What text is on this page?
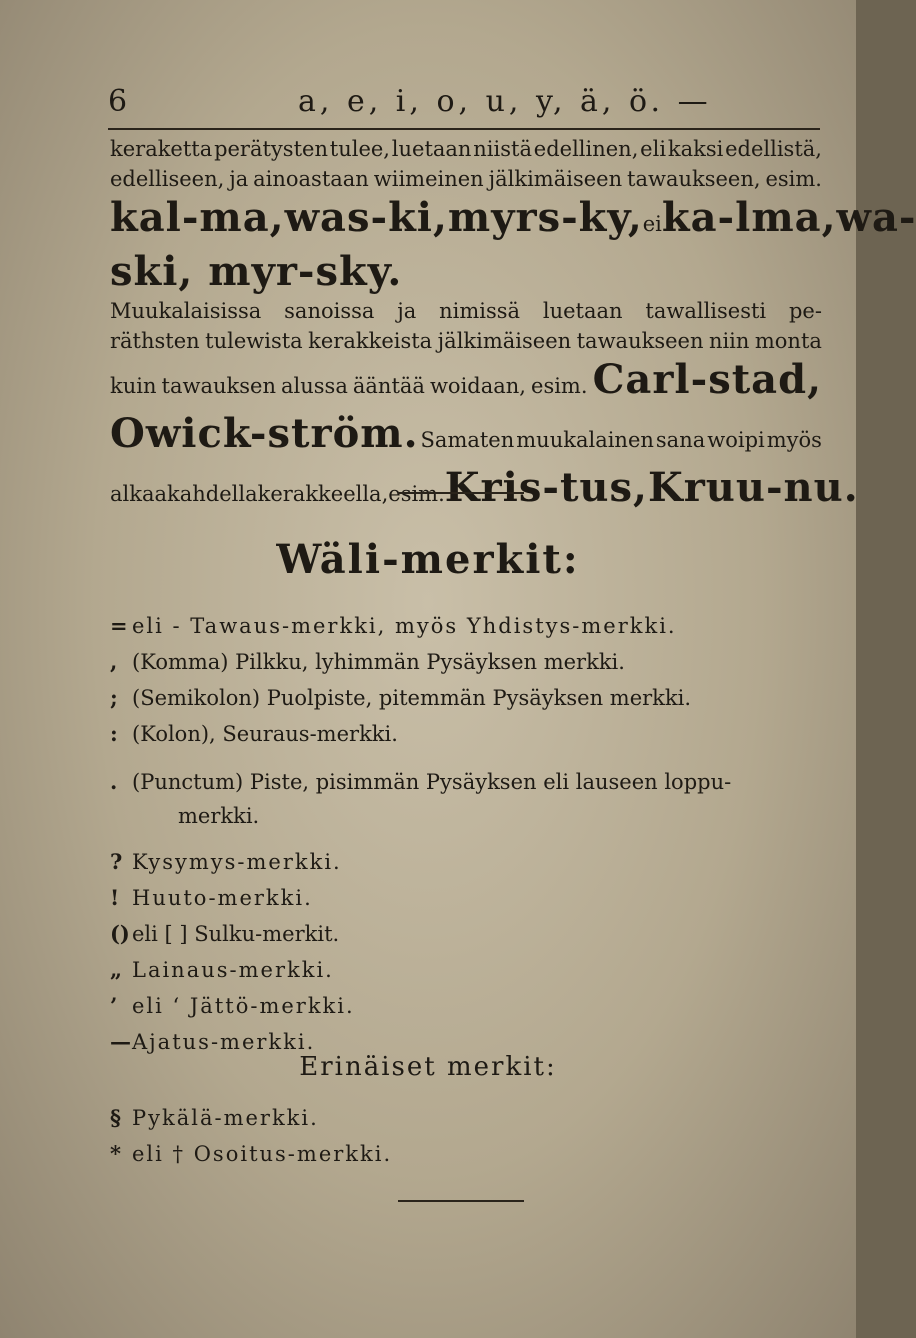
6	a, e, i, o, u, y, ä, ö. —
keraketta perätysten tulee, luetaan niistä edellinen, eli kaksi edellistä,
edelliseen, ja ainoastaan wiimeinen jälkimäiseen tawaukseen, esim.
kal-ma, was-ki, myrs-ky, ei ka-lma, wa-
ski, myr-sky.
Muukalaisissa sanoissa ja nimissä luetaan tawallisesti pe-
räthsten tulewista kerakkeista jälkimäiseen tawaukseen niin monta
kuin tawauksen alussa ääntää woidaan, esim. Carl-stad,
Owick-ström. Samaten muukalainen sana woipi myös
alkaa kahdella kerakkeella, esim. Kris-tus, Kruu-nu.
Wäli-merkit:
= eli - Tawaus-merkki, myös Yhdistys-merkki.
, (Komma) Pilkku, lyhimmän Pysäyksen merkki.
; (Semikolon) Puolpiste, pitemmän Pysäyksen merkki.
: (Kolon), Seuraus-merkki.
. (Punctum) Piste, pisimmän Pysäyksen eli lauseen loppu-
merkki.
? Kysymys-merkki.
! Huuto-merkki.
() eli [ ] Sulku-merkit.
„ Lainaus-merkki.
’ eli ‘ Jättö-merkki.
— Ajatus-merkki.
Erinäiset merkit:
§ Pykälä-merkki.
* eli † Osoitus-merkki.
